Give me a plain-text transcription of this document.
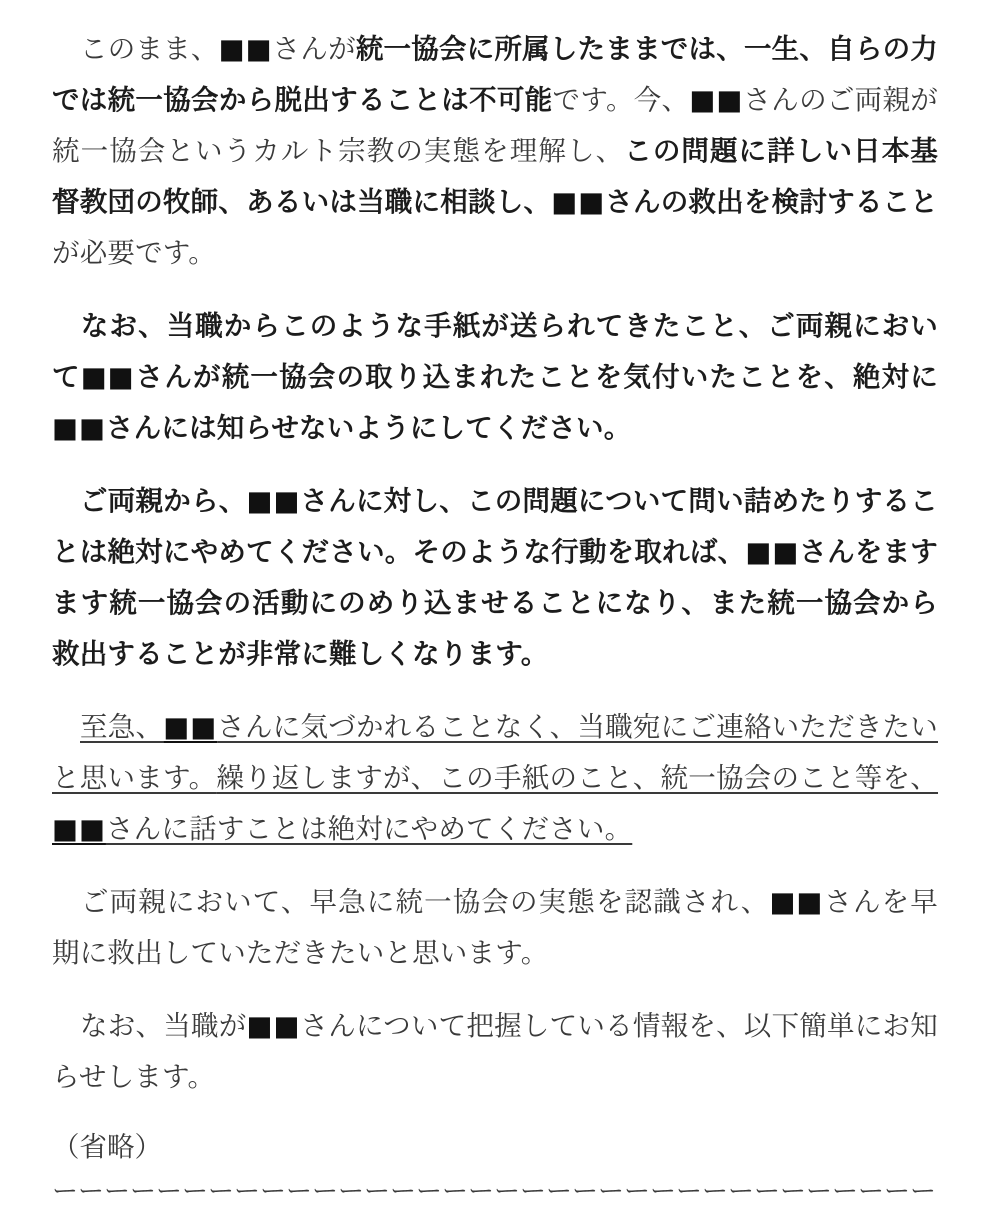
　このまま、■■さんが統一協会に所属したままでは、一生、自らの力では統一協会から脱出することは不可能です。今、■■さんのご両親が統一協会というカルト宗教の実態を理解し、この問題に詳しい日本基督教団の牧師、あるいは当職に相談し、■■さんの救出を検討することが必要です。

　なお、当職からこのような手紙が送られてきたこと、ご両親において■■さんが統一協会の取り込まれたことを気付いたことを、絶対に■■さんには知らせないようにしてください。

　ご両親から、■■さんに対し、この問題について問い詰めたりすることは絶対にやめてください。そのような行動を取れば、■■さんをますます統一協会の活動にのめり込ませることになり、また統一協会から救出することが非常に難しくなります。

　至急、■■さんに気づかれることなく、当職宛にご連絡いただきたいと思います。繰り返しますが、この手紙のこと、統一協会のこと等を、■■さんに話すことは絶対にやめてください。

　ご両親において、早急に統一協会の実態を認識され、■■さんを早期に救出していただきたいと思います。

　なお、当職が■■さんについて把握している情報を、以下簡単にお知らせします。

（省略）

ーーーーーーーーーーーーーーーーーーーーーーーーーーーーーーーーーー
